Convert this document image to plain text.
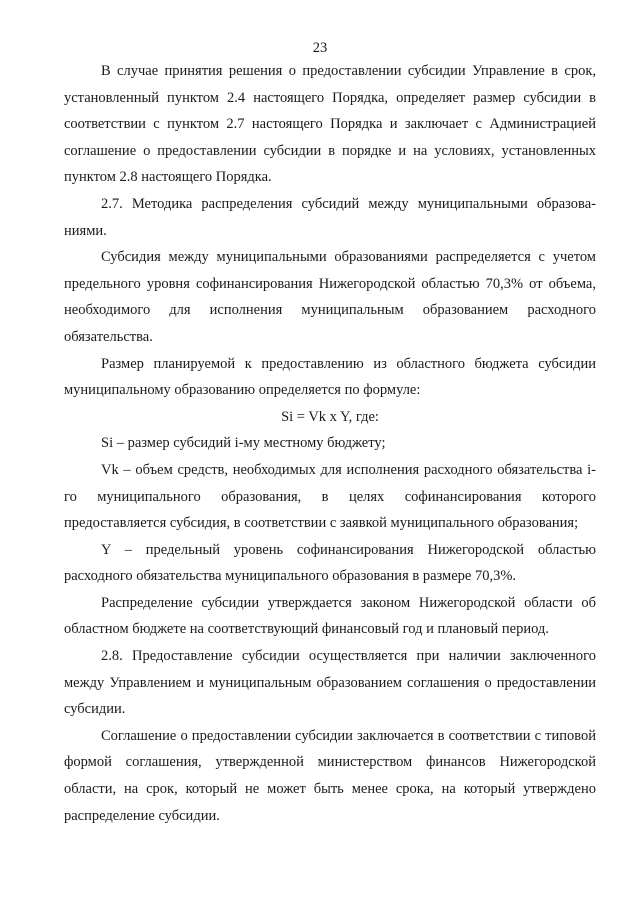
23

В случае принятия решения о предоставлении субсидии Управление в срок, установленный пунктом 2.4 настоящего Порядка, определяет размер субсидии в соответствии с пунктом 2.7 настоящего Порядка и заключает с Администрацией соглашение о предоставлении субсидии в порядке и на условиях, установленных пунктом 2.8 настоящего Порядка.

2.7. Методика распределения субсидий между муниципальными образованиями.

Субсидия между муниципальными образованиями распределяется с учетом предельного уровня софинансирования Нижегородской областью 70,3% от объема, необходимого для исполнения муниципальным образованием расходного обязательства.

Размер планируемой к предоставлению из областного бюджета субсидии муниципальному образованию определяется по формуле:

Si = Vk x Y, где:

Si – размер субсидий i-му местному бюджету;

Vk – объем средств, необходимых для исполнения расходного обязательства i-го муниципального образования, в целях софинансирования которого предоставляется субсидия, в соответствии с заявкой муниципального образования;

Y – предельный уровень софинансирования Нижегородской областью расходного обязательства муниципального образования в размере 70,3%.

Распределение субсидии утверждается законом Нижегородской области об областном бюджете на соответствующий финансовый год и плановый период.

2.8. Предоставление субсидии осуществляется при наличии заключенного между Управлением и муниципальным образованием соглашения о предоставлении субсидии.

Соглашение о предоставлении субсидии заключается в соответствии с типовой формой соглашения, утвержденной министерством финансов Нижегородской области, на срок, который не может быть менее срока, на который утверждено распределение субсидии.
